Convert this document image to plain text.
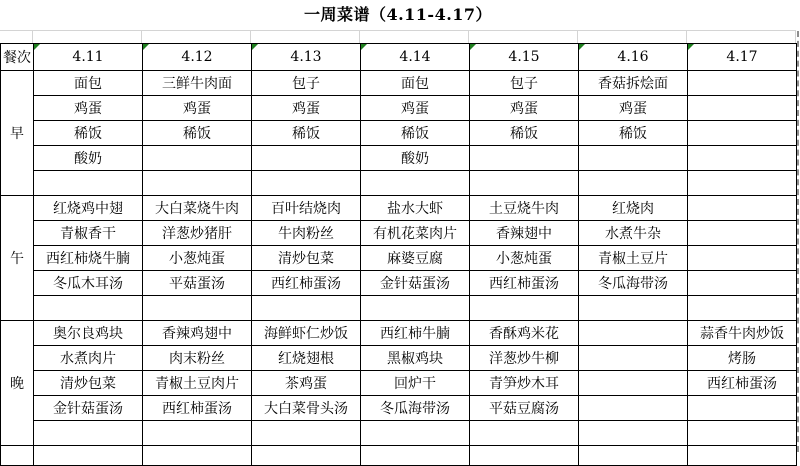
一周菜谱（4.11-4.17）
餐次	4.11	4.12	4.13	4.14	4.15	4.16	4.17
早	面包	三鲜牛肉面	包子	面包	包子	香菇拆烩面	
	鸡蛋	鸡蛋	鸡蛋	鸡蛋	鸡蛋	鸡蛋	
	稀饭	稀饭	稀饭	稀饭	稀饭	稀饭	
	酸奶			酸奶			

午	红烧鸡中翅	大白菜烧牛肉	百叶结烧肉	盐水大虾	土豆烧牛肉	红烧肉	
	青椒香干	洋葱炒猪肝	牛肉粉丝	有机花菜肉片	香辣翅中	水煮牛杂	
	西红柿烧牛腩	小葱炖蛋	清炒包菜	麻婆豆腐	小葱炖蛋	青椒土豆片	
	冬瓜木耳汤	平菇蛋汤	西红柿蛋汤	金针菇蛋汤	西红柿蛋汤	冬瓜海带汤	

晚	奥尔良鸡块	香辣鸡翅中	海鲜虾仁炒饭	西红柿牛腩	香酥鸡米花		蒜香牛肉炒饭
	水煮肉片	肉末粉丝	红烧翅根	黑椒鸡块	洋葱炒牛柳		烤肠
	清炒包菜	青椒土豆肉片	茶鸡蛋	回炉干	青笋炒木耳		西红柿蛋汤
	金针菇蛋汤	西红柿蛋汤	大白菜骨头汤	冬瓜海带汤	平菇豆腐汤		
